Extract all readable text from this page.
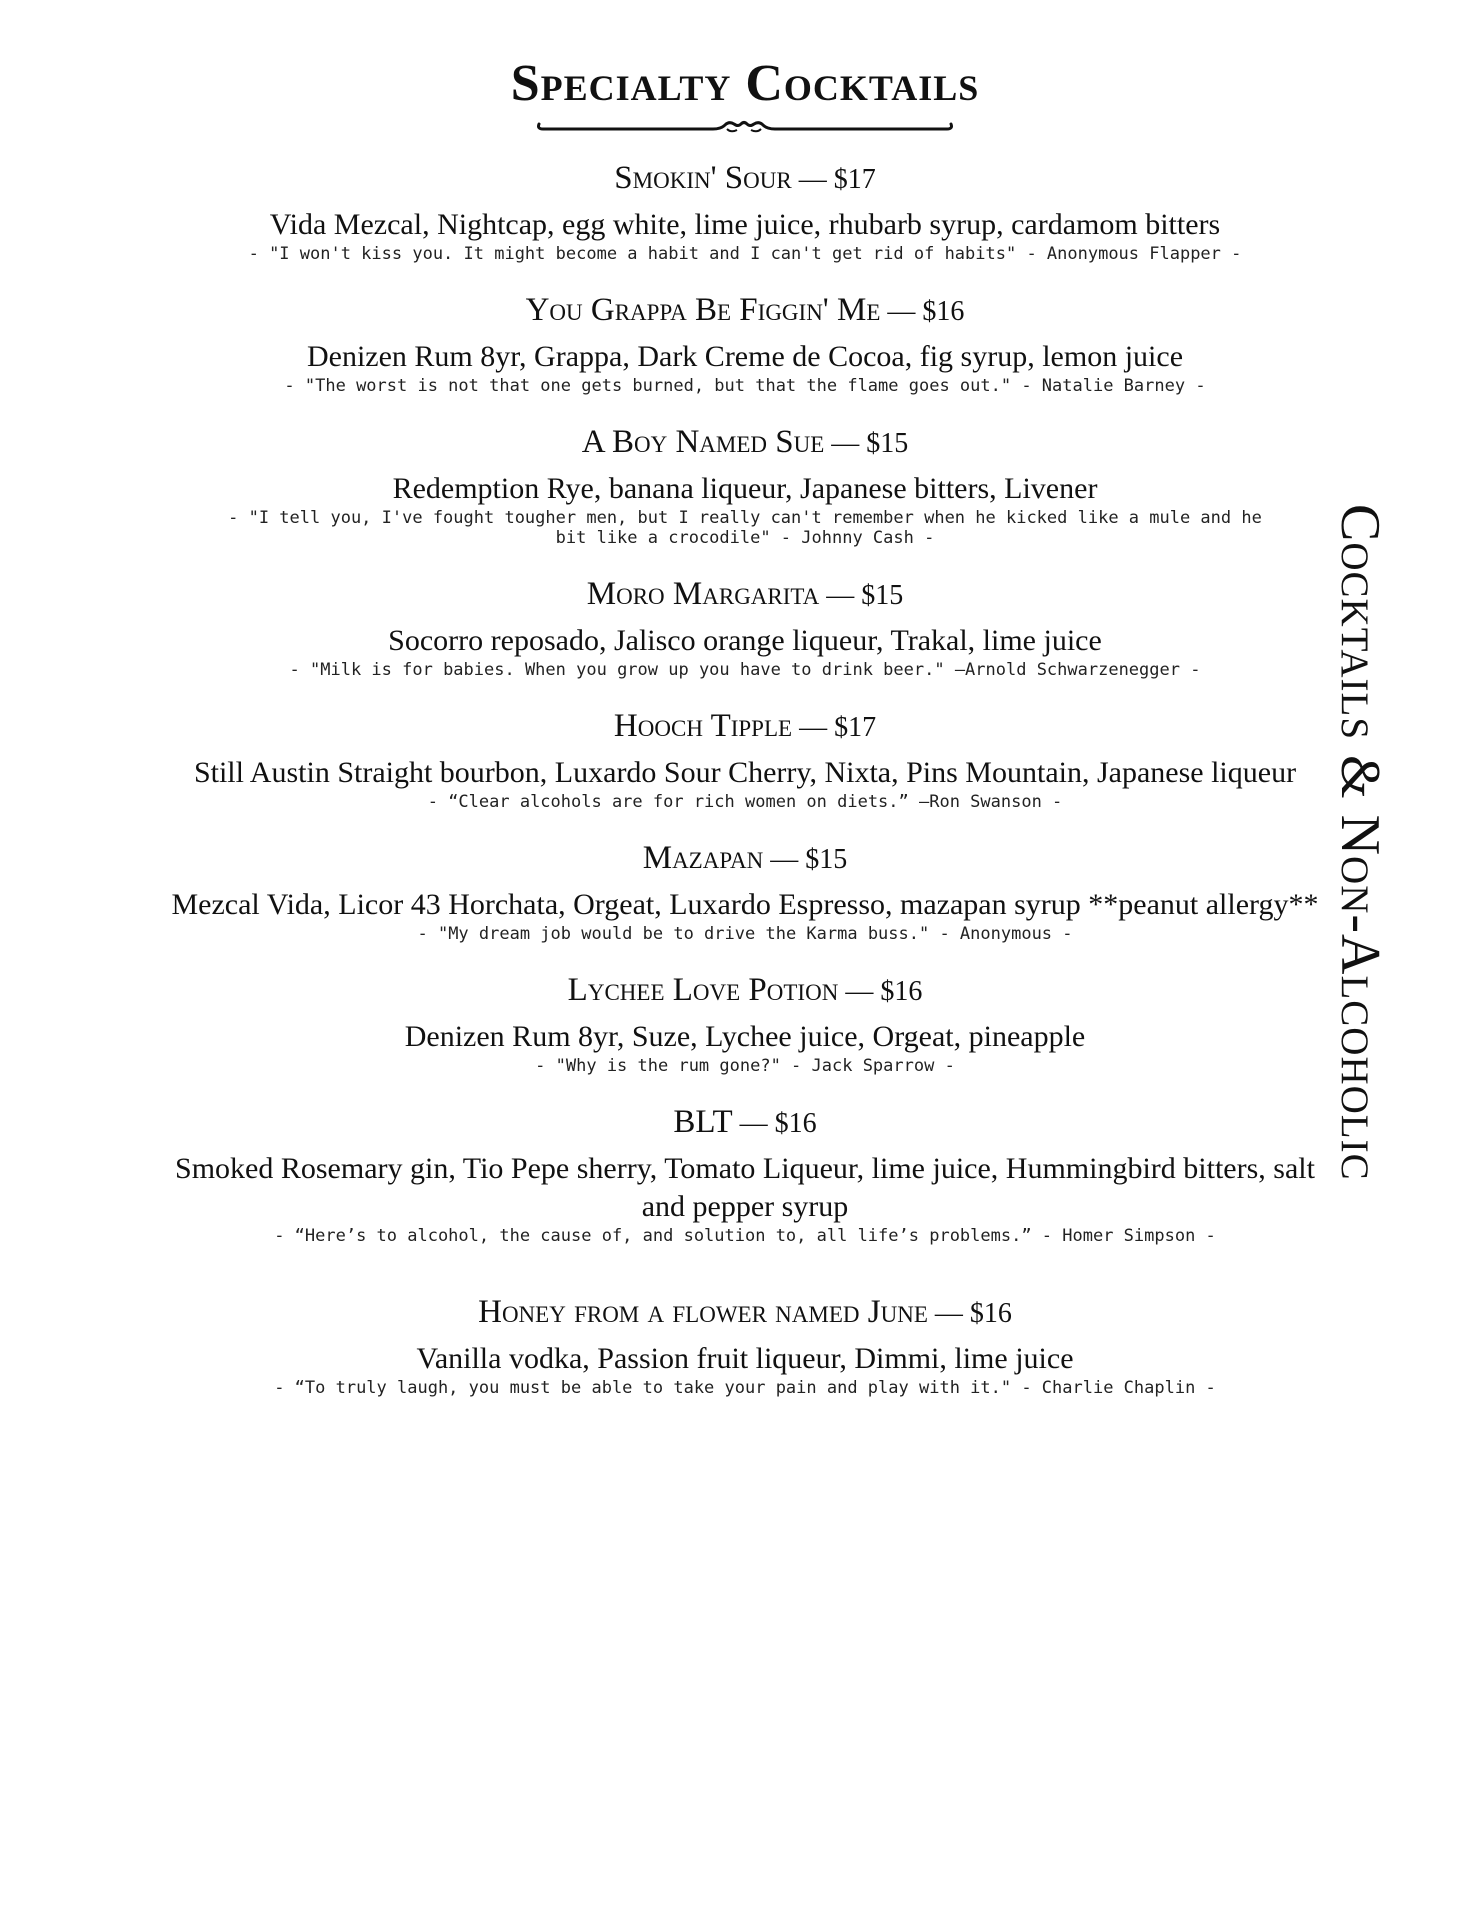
Specialty Cocktails
Smokin' Sour — $17
Vida Mezcal, Nightcap, egg white, lime juice, rhubarb syrup, cardamom bitters
- "I won't kiss you. It might become a habit and I can't get rid of habits" - Anonymous Flapper -
You Grappa Be Figgin' Me — $16
Denizen Rum 8yr, Grappa, Dark Creme de Cocoa, fig syrup, lemon juice
- "The worst is not that one gets burned, but that the flame goes out." - Natalie Barney -
A Boy Named Sue — $15
Redemption Rye, banana liqueur, Japanese bitters, Livener
- "I tell you, I've fought tougher men, but I really can't remember when he kicked like a mule and he bit like a crocodile" - Johnny Cash -
Moro Margarita — $15
Socorro reposado, Jalisco orange liqueur, Trakal, lime juice
- "Milk is for babies. When you grow up you have to drink beer." —Arnold Schwarzenegger -
Hooch Tipple — $17
Still Austin Straight bourbon, Luxardo Sour Cherry, Nixta, Pins Mountain, Japanese liqueur
- “Clear alcohols are for rich women on diets.” —Ron Swanson -
Mazapan — $15
Mezcal Vida, Licor 43 Horchata, Orgeat, Luxardo Espresso, mazapan syrup **peanut allergy**
- "My dream job would be to drive the Karma buss." - Anonymous -
Lychee Love Potion — $16
Denizen Rum 8yr, Suze, Lychee juice, Orgeat, pineapple
- "Why is the rum gone?" - Jack Sparrow -
BLT — $16
Smoked Rosemary gin, Tio Pepe sherry, Tomato Liqueur, lime juice, Hummingbird bitters, salt and pepper syrup
- “Here’s to alcohol, the cause of, and solution to, all life’s problems.” - Homer Simpson -
Honey from a flower named June — $16
Vanilla vodka, Passion fruit liqueur, Dimmi, lime juice
- “To truly laugh, you must be able to take your pain and play with it." - Charlie Chaplin -
Cocktails & Non-Alcoholic
